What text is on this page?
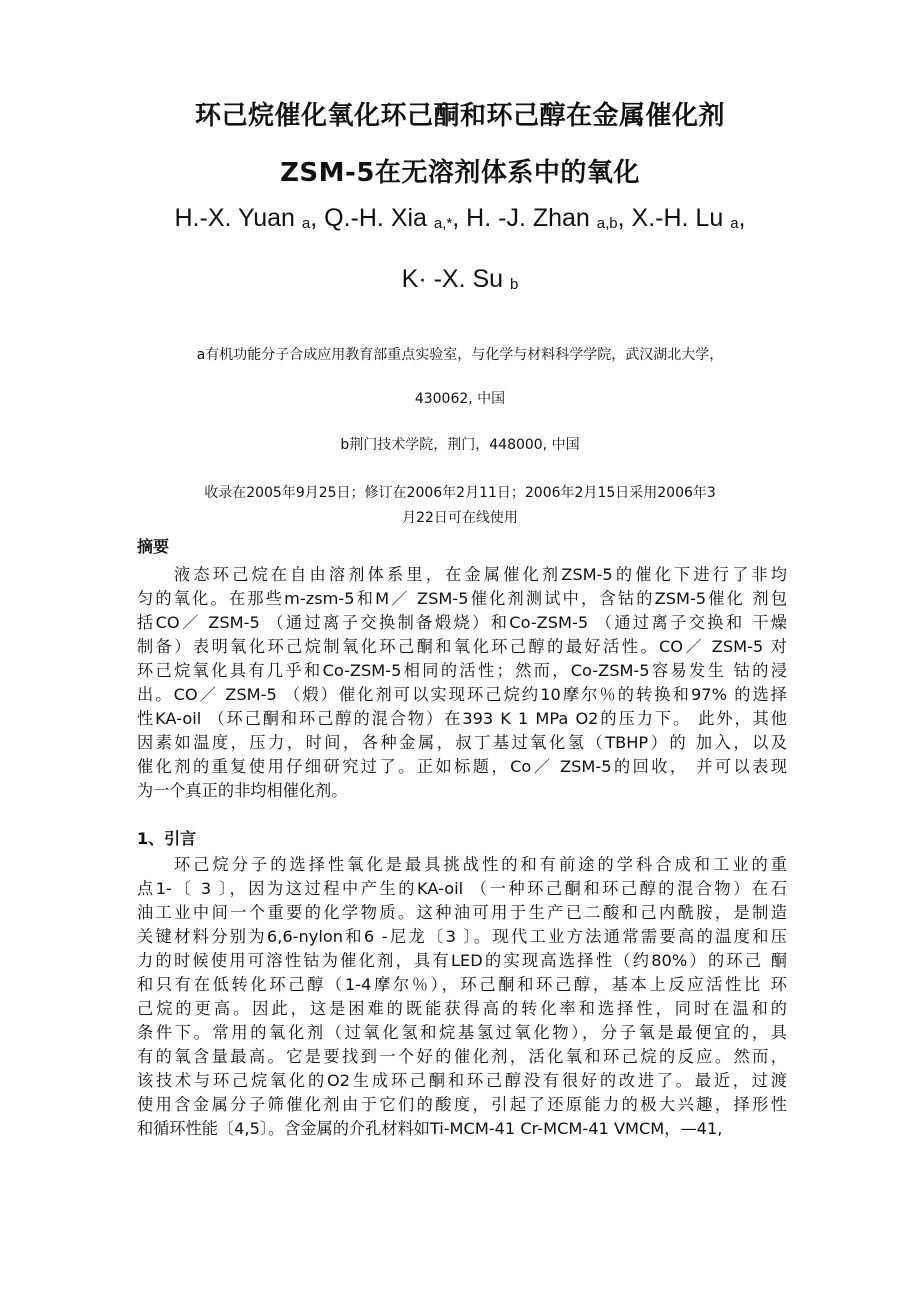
环己烷催化氧化环己酮和环己醇在金属催化剂
ZSM-5在无溶剂体系中的氧化
H.-X. Yuan $_a$, Q.-H. Xia $_{a,*}$, H. -J. Zhan $_{a,b}$, X.-H. Lu $_a$,
K· -X. Su $_b$
a有机功能分子合成应用教育部重点实验室，与化学与材料科学学院，武汉湖北大学，
430062, 中国
b荆门技术学院，荆门，448000, 中国
收录在2005年9月25日；修订在2006年2月11日；2006年2月15日采用2006年3
月22日可在线使用
摘要
液态环己烷在自由溶剂体系里，在金属催化剂ZSM-5的催化下进行了非均
匀的氧化。在那些m-zsm-5和M／ ZSM-5催化剂测试中，含钴的ZSM-5催化 剂包
括CO／ ZSM-5 （通过离子交换制备煅烧）和Co-ZSM-5 （通过离子交换和 干燥
制备）表明氧化环己烷制氧化环己酮和氧化环己醇的最好活性。CO／ ZSM-5 对
环己烷氧化具有几乎和Co-ZSM-5相同的活性；然而，Co-ZSM-5容易发生 钴的浸
出。CO／ ZSM-5 （煅）催化剂可以实现环己烷约10摩尔％的转换和97% 的选择
性KA-oil （环己酮和环己醇的混合物）在393 K 1 MPa O2的压力下。 此外，其他
因素如温度，压力，时间，各种金属，叔丁基过氧化氢（TBHP）的 加入，以及
催化剂的重复使用仔细研究过了。正如标题，Co／ ZSM-5的回收， 并可以表现
为一个真正的非均相催化剂。
1、引言
环己烷分子的选择性氧化是最具挑战性的和有前途的学科合成和工业的重
点1-〔 3 〕，因为这过程中产生的KA-oil （一种环己酮和环己醇的混合物）在石
油工业中间一个重要的化学物质。这种油可用于生产已二酸和己内酰胺，是制造
关键材料分别为6,6-nylon和6 -尼龙〔3 〕。现代工业方法通常需要高的温度和压
力的时候使用可溶性钴为催化剂，具有LED的实现高选择性（约80%）的环己 酮
和只有在低转化环己醇（1-4摩尔％），环己酮和环己醇，基本上反应活性比 环
己烷的更高。因此，这是困难的既能获得高的转化率和选择性，同时在温和的
条件下。常用的氧化剂（过氧化氢和烷基氢过氧化物），分子氧是最便宜的，具
有的氧含量最高。它是要找到一个好的催化剂，活化氧和环己烷的反应。然而，
该技术与环己烷氧化的O2生成环己酮和环己醇没有很好的改进了。最近，过渡
使用含金属分子筛催化剂由于它们的酸度，引起了还原能力的极大兴趣，择形性
和循环性能〔4,5〕。含金属的介孔材料如Ti-MCM-41 Cr-MCM-41 VMCM，—41,
